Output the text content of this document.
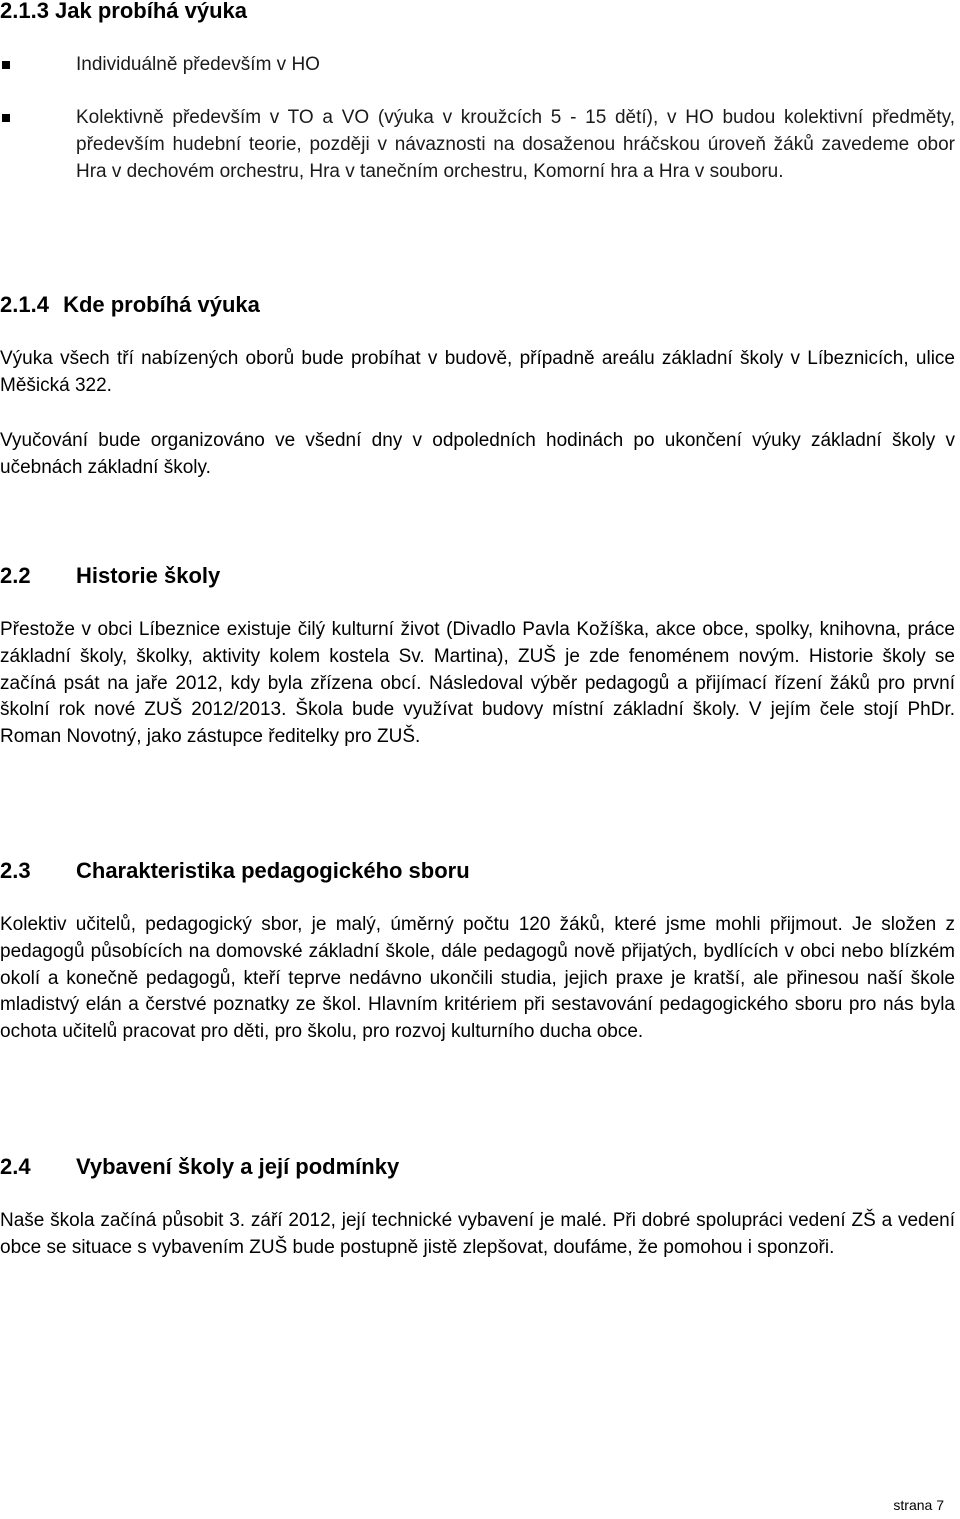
2.1.3 Jak probíhá výuka

Individuálně především v HO

Kolektivně především v TO a VO (výuka v kroužcích 5 - 15 dětí), v HO budou kolektivní předměty, především hudební teorie, později v návaznosti na dosaženou hráčskou úroveň žáků zavedeme obor Hra v dechovém orchestru, Hra v tanečním orchestru, Komorní hra a Hra v souboru.

2.1.4 Kde probíhá výuka

Výuka všech tří nabízených oborů bude probíhat v budově, případně areálu základní školy v Líbeznicích, ulice Měšická 322.

Vyučování bude organizováno ve všední dny v odpoledních hodinách po ukončení výuky základní školy v učebnách základní školy.

2.2 Historie školy

Přestože v obci Líbeznice existuje čilý kulturní život (Divadlo Pavla Kožíška, akce obce, spolky, knihovna, práce základní školy, školky, aktivity kolem kostela Sv. Martina), ZUŠ je zde fenoménem novým. Historie školy se začíná psát na jaře 2012, kdy byla zřízena obcí. Následoval výběr pedagogů a přijímací řízení žáků pro první školní rok nové ZUŠ 2012/2013. Škola bude využívat budovy místní základní školy. V jejím čele stojí PhDr. Roman Novotný, jako zástupce ředitelky pro ZUŠ.

2.3 Charakteristika pedagogického sboru

Kolektiv učitelů, pedagogický sbor, je malý, úměrný počtu 120 žáků, které jsme mohli přijmout. Je složen z pedagogů působících na domovské základní škole, dále pedagogů nově přijatých, bydlících v obci nebo blízkém okolí a konečně pedagogů, kteří teprve nedávno ukončili studia, jejich praxe je kratší, ale přinesou naší škole mladistvý elán a čerstvé poznatky ze škol. Hlavním kritériem při sestavování pedagogického sboru pro nás byla ochota učitelů pracovat pro děti, pro školu, pro rozvoj kulturního ducha obce.

2.4 Vybavení školy a její podmínky

Naše škola začíná působit 3. září 2012, její technické vybavení je malé. Při dobré spolupráci vedení ZŠ a vedení obce se situace s vybavením ZUŠ bude postupně jistě zlepšovat, doufáme, že pomohou i sponzoři.

strana 7
